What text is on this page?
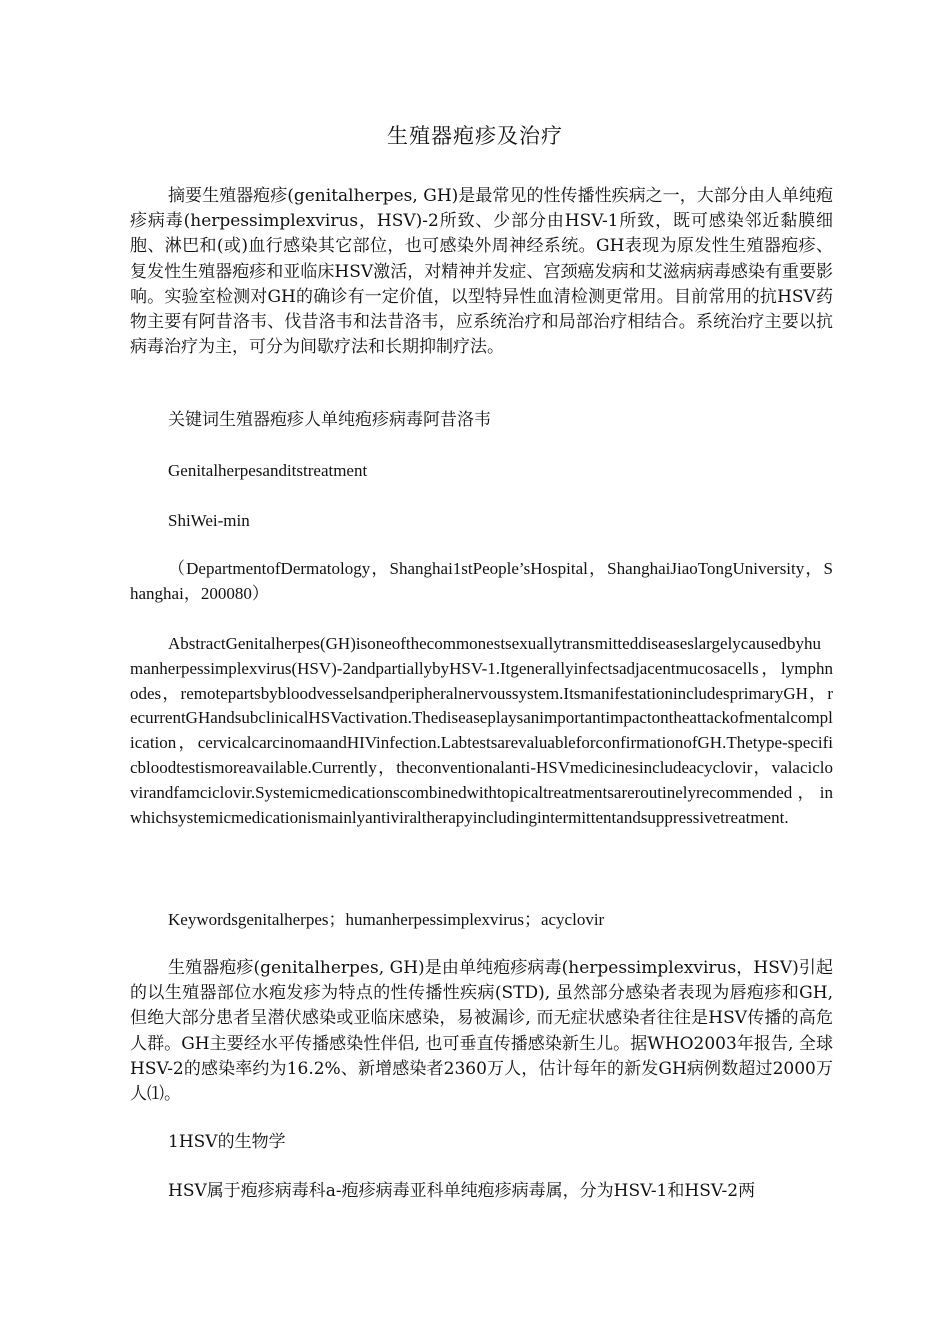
生殖器疱疹及治疗

摘要生殖器疱疹(genitalherpes, GH)是最常见的性传播性疾病之一，大部分由人单纯疱疹病毒(herpessimplexvirus，HSV)-2所致、少部分由HSV-1所致，既可感染邻近黏膜细胞、淋巴和(或)血行感染其它部位，也可感染外周神经系统。GH表现为原发性生殖器疱疹、复发性生殖器疱疹和亚临床HSV激活，对精神并发症、宫颈癌发病和艾滋病病毒感染有重要影响。实验室检测对GH的确诊有一定价值，以型特异性血清检测更常用。目前常用的抗HSV药物主要有阿昔洛韦、伐昔洛韦和法昔洛韦，应系统治疗和局部治疗相结合。系统治疗主要以抗病毒治疗为主，可分为间歇疗法和长期抑制疗法。

关键词生殖器疱疹人单纯疱疹病毒阿昔洛韦

Genitalherpesanditstreatment

ShiWei-min

（DepartmentofDermatology，Shanghai1stPeople’sHospital，ShanghaiJiaoTongUniversity，Shanghai，200080）

AbstractGenitalherpes(GH)isoneofthecommonestsexuallytransmitteddiseaseslargelycausedbyhumanherpessimplexvirus(HSV)-2andpartiallybyHSV-1.Itgenerallyinfectsadjacentmucosacells，lymphnodes，remotepartsbybloodvesselsandperipheralnervoussystem.ItsmanifestationincludesprimaryGH，recurrentGHandsubclinicalHSVactivation.Thediseaseplaysanimportantimpactontheattackofmentalcomplication，cervicalcarcinomaandHIVinfection.LabtestsarevaluableforconfirmationofGH.Thetype-specificbloodtestismoreavailable.Currently，theconventionalanti-HSVmedicinesincludeacyclovir，valaciclovirandfamciclovir.Systemicmedicationscombinedwithtopicaltreatmentsareroutinelyrecommended，inwhichsystemicmedicationismainlyantiviraltherapyincludingintermittentandsuppressivetreatment.

Keywordsgenitalherpes；humanherpessimplexvirus；acyclovir

生殖器疱疹(genitalherpes, GH)是由单纯疱疹病毒(herpessimplexvirus，HSV)引起的以生殖器部位水疱发疹为特点的性传播性疾病(STD), 虽然部分感染者表现为唇疱疹和GH,但绝大部分患者呈潜伏感染或亚临床感染，易被漏诊, 而无症状感染者往往是HSV传播的高危人群。GH主要经水平传播感染性伴侣, 也可垂直传播感染新生儿。据WHO2003年报告, 全球HSV-2的感染率约为16.2%、新增感染者2360万人，估计每年的新发GH病例数超过2000万人⑴。

1HSV的生物学

HSV属于疱疹病毒科a-疱疹病毒亚科单纯疱疹病毒属，分为HSV-1和HSV-2两
